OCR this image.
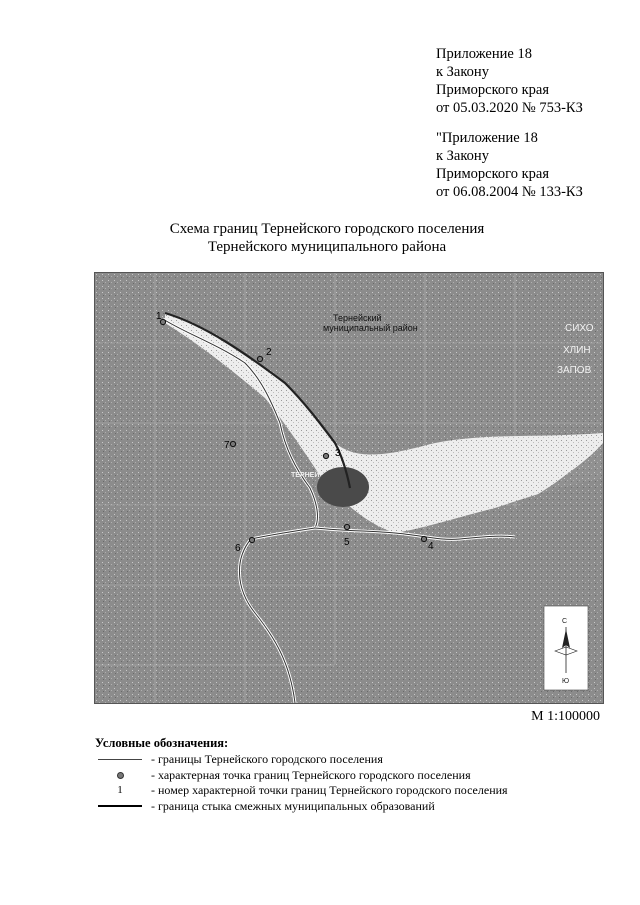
Приложение 18
к Закону
Приморского края
от 05.03.2020 № 753-КЗ
"Приложение 18
к Закону
Приморского края
от 06.08.2004 № 133-КЗ
Схема границ Тернейского городского поселения
Тернейского муниципального района
Тернейский
муниципальный район
ТЕРНЕЙ
СИХО
ХЛИН
ЗАПОВ
1
2
3
4
5
6
7
С
Ю
М 1:100000
Условные обозначения:
- границы Тернейского городского поселения
- характерная точка границ Тернейского городского поселения
1 - номер характерной точки границ Тернейского городского поселения
- граница стыка смежных муниципальных образований
